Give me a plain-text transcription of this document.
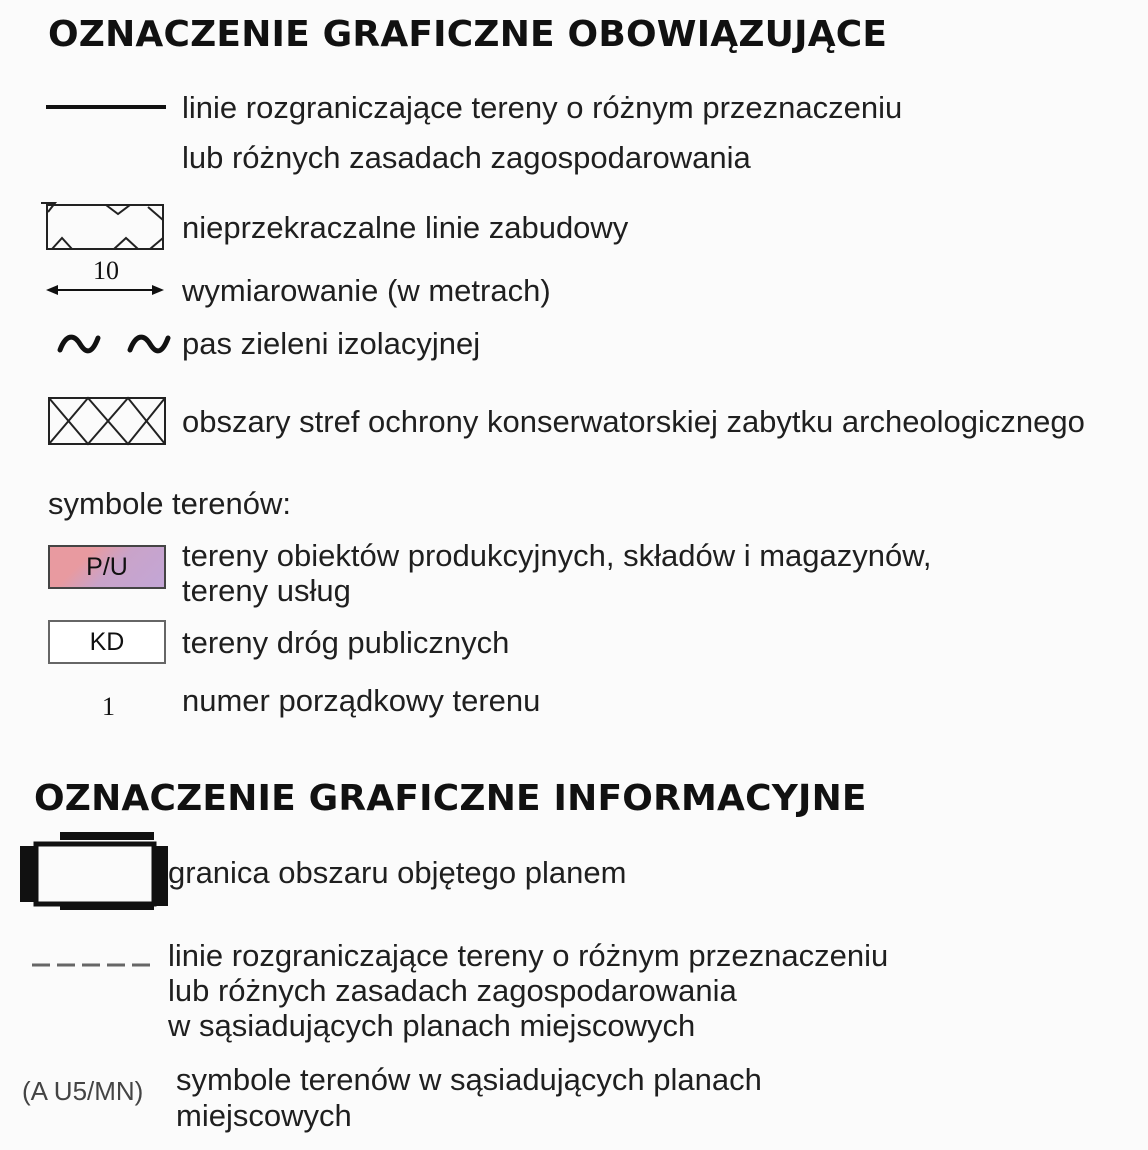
OZNACZENIE GRAFICZNE OBOWIĄZUJĄCE
linie rozgraniczające tereny o różnym przeznaczeniu
lub różnych zasadach zagospodarowania
nieprzekraczalne linie zabudowy
10
wymiarowanie (w metrach)
pas zieleni izolacyjnej
obszary stref ochrony konserwatorskiej zabytku archeologicznego
symbole terenów:
P/U tereny obiektów produkcyjnych, składów i magazynów,
tereny usług
KD tereny dróg publicznych
1 numer porządkowy terenu
OZNACZENIE GRAFICZNE INFORMACYJNE
granica obszaru objętego planem
linie rozgraniczające tereny o różnym przeznaczeniu
lub różnych zasadach zagospodarowania
w sąsiadujących planach miejscowych
(A U5/MN) symbole terenów w sąsiadujących planach
miejscowych
